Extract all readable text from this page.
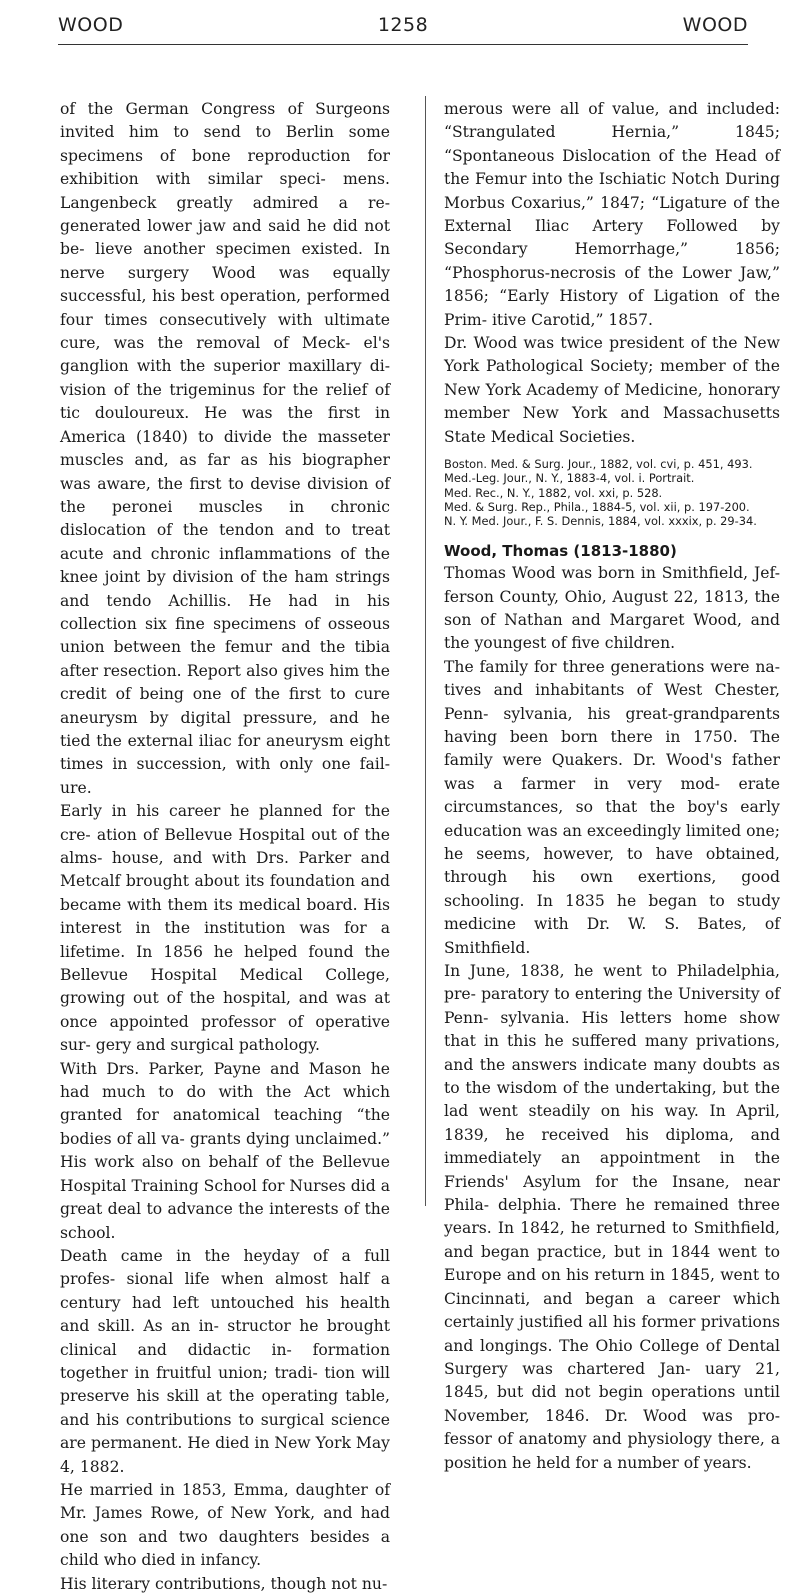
WOOD	1258	WOOD

of the German Congress of Surgeons invited him to send to Berlin some specimens of bone reproduction for exhibition with similar speci- mens. Langenbeck greatly admired a re- generated lower jaw and said he did not be- lieve another specimen existed. In nerve surgery Wood was equally successful, his best operation, performed four times consecutively with ultimate cure, was the removal of Meck- el's ganglion with the superior maxillary di- vision of the trigeminus for the relief of tic douloureux. He was the first in America (1840) to divide the masseter muscles and, as far as his biographer was aware, the first to devise division of the peronei muscles in chronic dislocation of the tendon and to treat acute and chronic inflammations of the knee joint by division of the ham strings and tendo Achillis. He had in his collection six fine specimens of osseous union between the femur and the tibia after resection. Report also gives him the credit of being one of the first to cure aneurysm by digital pressure, and he tied the external iliac for aneurysm eight times in succession, with only one fail- ure.

Early in his career he planned for the cre- ation of Bellevue Hospital out of the alms- house, and with Drs. Parker and Metcalf brought about its foundation and became with them its medical board. His interest in the institution was for a lifetime. In 1856 he helped found the Bellevue Hospital Medical College, growing out of the hospital, and was at once appointed professor of operative sur- gery and surgical pathology.

With Drs. Parker, Payne and Mason he had much to do with the Act which granted for anatomical teaching “the bodies of all va- grants dying unclaimed.” His work also on behalf of the Bellevue Hospital Training School for Nurses did a great deal to advance the interests of the school.

Death came in the heyday of a full profes- sional life when almost half a century had left untouched his health and skill. As an in- structor he brought clinical and didactic in- formation together in fruitful union; tradi- tion will preserve his skill at the operating table, and his contributions to surgical science are permanent. He died in New York May 4, 1882.

He married in 1853, Emma, daughter of Mr. James Rowe, of New York, and had one son and two daughters besides a child who died in infancy.

His literary contributions, though not nu-

merous were all of value, and included: “Strangulated Hernia,” 1845; “Spontaneous Dislocation of the Head of the Femur into the Ischiatic Notch During Morbus Coxarius,” 1847; “Ligature of the External Iliac Artery Followed by Secondary Hemorrhage,” 1856; “Phosphorus-necrosis of the Lower Jaw,” 1856; “Early History of Ligation of the Prim- itive Carotid,” 1857.

Dr. Wood was twice president of the New York Pathological Society; member of the New York Academy of Medicine, honorary member New York and Massachusetts State Medical Societies.

Boston. Med. & Surg. Jour., 1882, vol. cvi, p. 451, 493.
Med.-Leg. Jour., N. Y., 1883-4, vol. i. Portrait.
Med. Rec., N. Y., 1882, vol. xxi, p. 528.
Med. & Surg. Rep., Phila., 1884-5, vol. xii, p. 197-200.
N. Y. Med. Jour., F. S. Dennis, 1884, vol. xxxix, p. 29-34.
Wood, Thomas (1813-1880)

Thomas Wood was born in Smithfield, Jef- ferson County, Ohio, August 22, 1813, the son of Nathan and Margaret Wood, and the youngest of five children.

The family for three generations were na- tives and inhabitants of West Chester, Penn- sylvania, his great-grandparents having been born there in 1750. The family were Quakers. Dr. Wood's father was a farmer in very mod- erate circumstances, so that the boy's early education was an exceedingly limited one; he seems, however, to have obtained, through his own exertions, good schooling. In 1835 he began to study medicine with Dr. W. S. Bates, of Smithfield.

In June, 1838, he went to Philadelphia, pre- paratory to entering the University of Penn- sylvania. His letters home show that in this he suffered many privations, and the answers indicate many doubts as to the wisdom of the undertaking, but the lad went steadily on his way. In April, 1839, he received his diploma, and immediately an appointment in the Friends' Asylum for the Insane, near Phila- delphia. There he remained three years. In 1842, he returned to Smithfield, and began practice, but in 1844 went to Europe and on his return in 1845, went to Cincinnati, and began a career which certainly justified all his former privations and longings. The Ohio College of Dental Surgery was chartered Jan- uary 21, 1845, but did not begin operations until November, 1846. Dr. Wood was pro- fessor of anatomy and physiology there, a position he held for a number of years.
